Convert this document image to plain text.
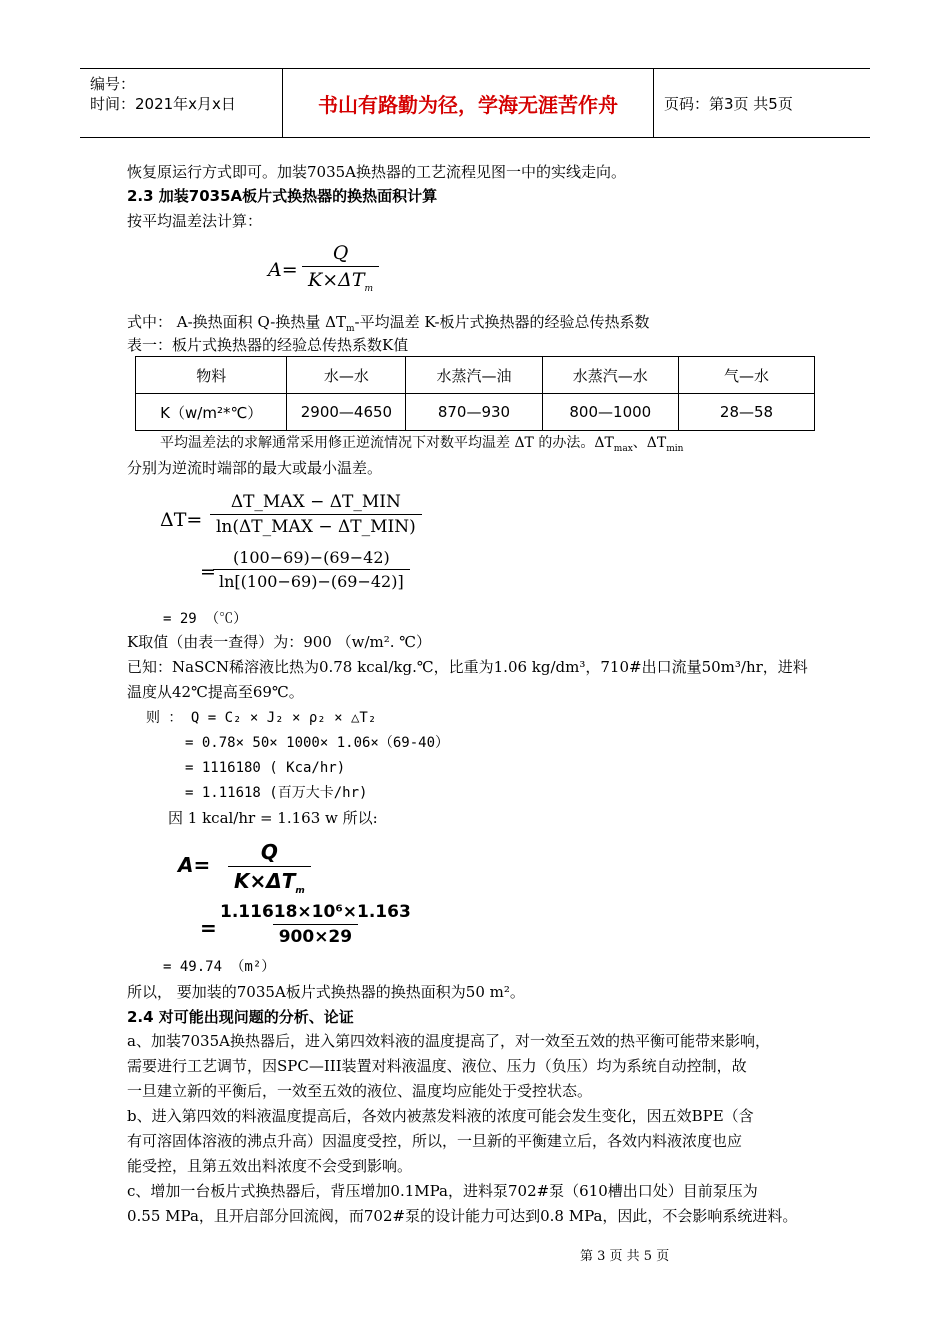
编号：
时间：2021年x月x日	书山有路勤为径，学海无涯苦作舟	页码：第3页 共5页
恢复原运行方式即可。加装7035A换热器的工艺流程见图一中的实线走向。
2.3 加装7035A板片式换热器的换热面积计算
按平均温差法计算：
A=
Q
$K\times\Delta T_m$
式中： A-换热面积 Q-换热量 $\Delta T_m-$平均温差 K-板片式换热器的经验总传热系数
表一：板片式换热器的经验总传热系数K值
物料	水—水	水蒸汽—油	水蒸汽—水	气—水
K（w/m²*℃）	2900—4650	870—930	800—1000	28—58
平均温差法的求解通常采用修正逆流情况下对数平均温差 ΔT 的办法。$\Delta T_{max}$、$\Delta T_{min}$
分别为逆流时端部的最大或最小温差。
ΔT=
ΔT_MAX − ΔT_MIN
ln(ΔT_MAX − ΔT_MIN)
=
$\frac{(100-69)-(69-42)}{\ln[(100-69)-(69-42)]}$
= 29 （℃）
K取值（由表一查得）为：900 （w/m². ℃）
已知：NaSCN稀溶液比热为0.78 kcal/kg.℃，比重为1.06 kg/dm³，710#出口流量50m³/hr，进料
温度从42℃提高至69℃。
则 ： Q = C₂ × J₂ × ρ₂ × △T₂
= 0.78× 50× 1000× 1.06×（69-40）
= 1116180 ( Kca/hr)
= 1.11618 (百万大卡/hr)
因 1 kcal/hr = 1.163 w 所以:
A=
Q
$K\times\Delta T_m$
=
$\frac{\text{1.11618×10⁶×1.163}}{900\times 29}$
= 49.74 （m²）
所以， 要加装的7035A板片式换热器的换热面积为50 m²。
2.4 对可能出现问题的分析、论证
a、加装7035A换热器后，进入第四效料液的温度提高了，对一效至五效的热平衡可能带来影响，
需要进行工艺调节，因SPC—III装置对料液温度、液位、压力（负压）均为系统自动控制，故
一旦建立新的平衡后，一效至五效的液位、温度均应能处于受控状态。
b、进入第四效的料液温度提高后，各效内被蒸发料液的浓度可能会发生变化，因五效BPE（含
有可溶固体溶液的沸点升高）因温度受控，所以，一旦新的平衡建立后，各效内料液浓度也应
能受控，且第五效出料浓度不会受到影响。
c、增加一台板片式换热器后，背压增加0.1MPa，进料泵702#泵（610槽出口处）目前泵压为
0.55 MPa，且开启部分回流阀，而702#泵的设计能力可达到0.8 MPa，因此，不会影响系统进料。
第 3 页 共 5 页
